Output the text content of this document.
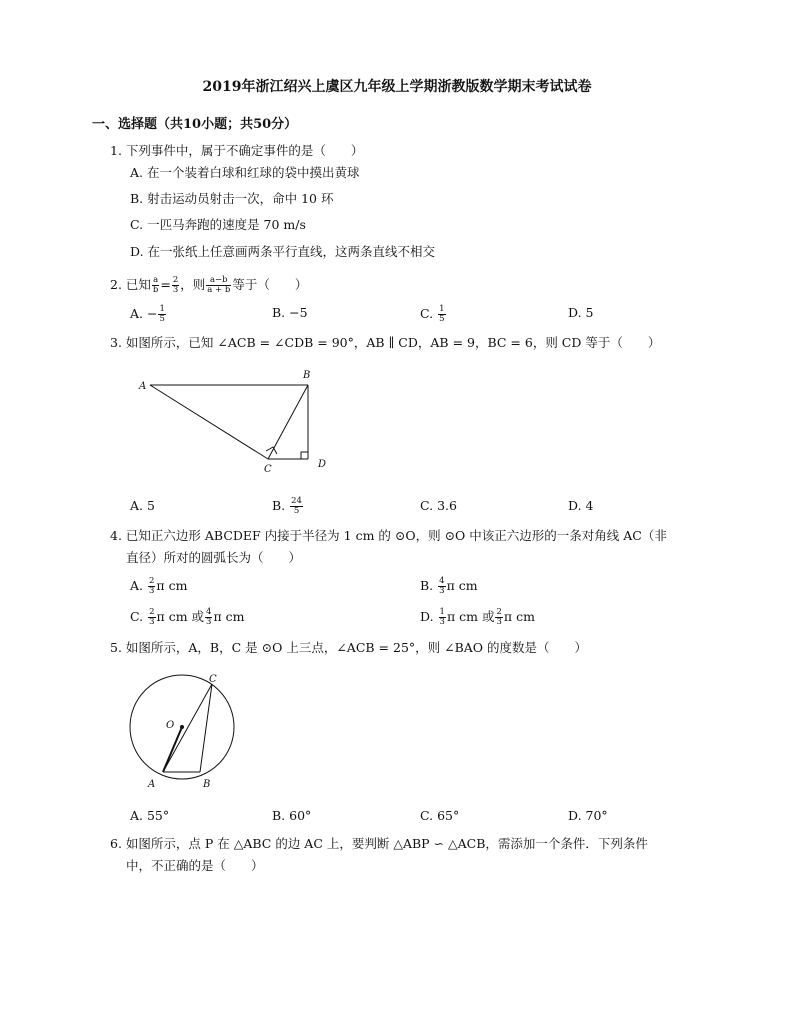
2019年浙江绍兴上虞区九年级上学期浙教版数学期末考试试卷
一、选择题（共10小题；共50分）
1. 下列事件中，属于不确定事件的是（　　）
A. 在一个装着白球和红球的袋中摸出黄球
B. 射击运动员射击一次，命中 10 环
C. 一匹马奔跑的速度是 70 m/s
D. 在一张纸上任意画两条平行直线，这两条直线不相交
2. 已知 $\frac{a}{b} = \frac{2}{3}$ ，则 $\frac{a-b}{a + b}$ 等于（　　）
A. − $\frac{1}{5}$	B. −5	C. $\frac{1}{5}$	D. 5
3. 如图所示，已知 ∠ACB = ∠CDB = 90°，AB ∥ CD，AB = 9，BC = 6，则 CD 等于（　　）
A
B
C	D
O
A	B
C
A. 5	B. $\frac{24}{5}$	C. 3.6	D. 4
4. 已知正六边形 ABCDEF 内接于半径为 1 cm 的 ⊙O，则 ⊙O 中该正六边形的一条对角线 AC（非
直径）所对的圆弧长为（　　）
A. $\frac{2}{3}$ π cm	B. $\frac{4}{3}$ π cm
C. $\frac{2}{3}$ π cm 或 $\frac{4}{3}$ π cm	D. $\frac{1}{3}$ π cm 或 $\frac{2}{3}$ π cm
5. 如图所示，A，B，C 是 ⊙O 上三点，∠ACB = 25°，则 ∠BAO 的度数是（　　）
A. 55°	B. 60°	C. 65°	D. 70°
6. 如图所示，点 P 在 △ABC 的边 AC 上，要判断 △ABP ∽ △ACB，需添加一个条件．下列条件
中，不正确的是（　　）
